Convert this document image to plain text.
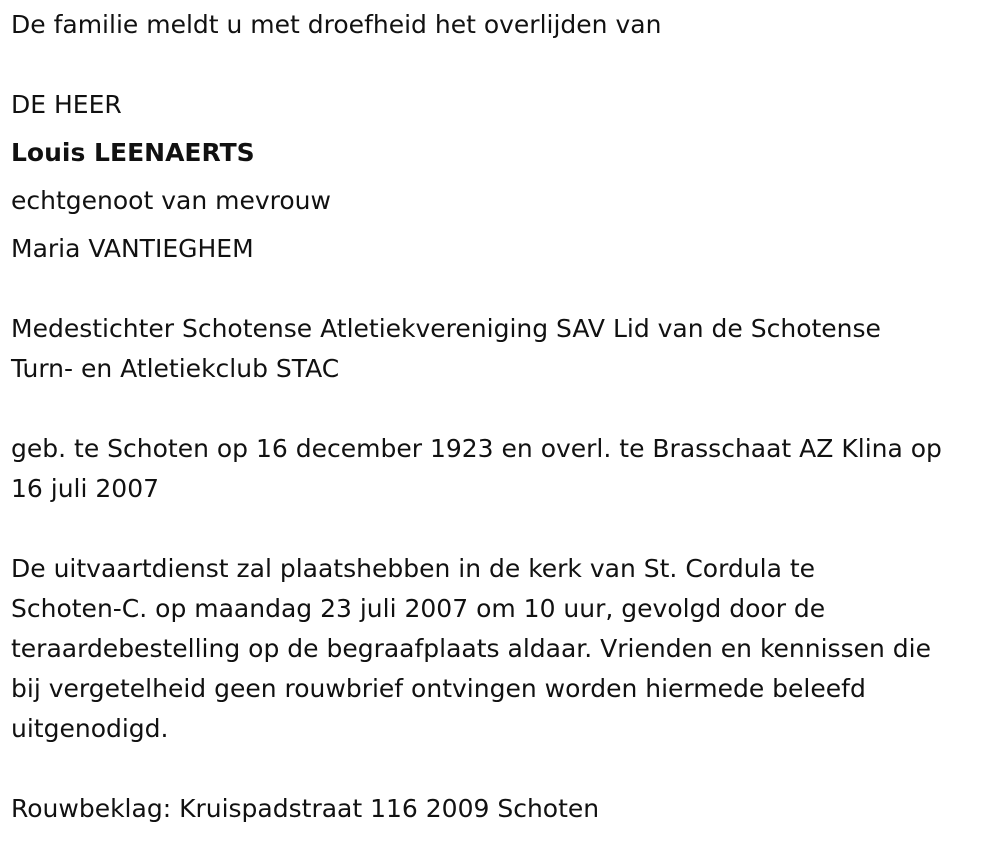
De familie meldt u met droefheid het overlijden van
DE HEER
Louis LEENAERTS
echtgenoot van mevrouw
Maria VANTIEGHEM
Medestichter Schotense Atletiekvereniging SAV Lid van de Schotense
Turn- en Atletiekclub STAC
geb. te Schoten op 16 december 1923 en overl. te Brasschaat AZ Klina op
16 juli 2007
De uitvaartdienst zal plaatshebben in de kerk van St. Cordula te
Schoten-C. op maandag 23 juli 2007 om 10 uur, gevolgd door de
teraardebestelling op de begraafplaats aldaar. Vrienden en kennissen die
bij vergetelheid geen rouwbrief ontvingen worden hiermede beleefd
uitgenodigd.
Rouwbeklag: Kruispadstraat 116 2009 Schoten
